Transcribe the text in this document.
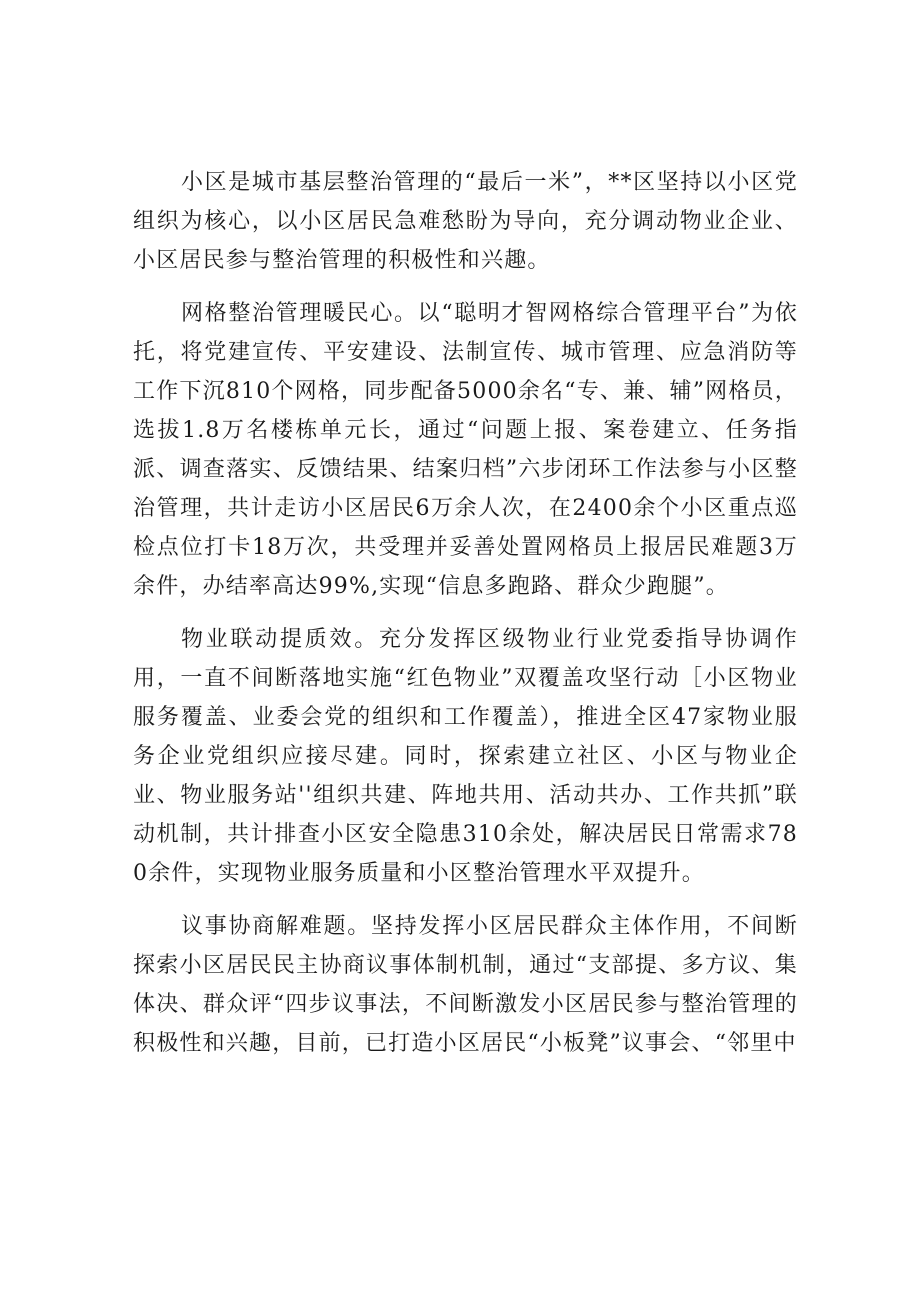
小区是城市基层整治管理的“最后一米”，**区坚持以小区党组织为核心，以小区居民急难愁盼为导向，充分调动物业企业、小区居民参与整治管理的积极性和兴趣。

网格整治管理暖民心。以“聪明才智网格综合管理平台”为依托，将党建宣传、平安建设、法制宣传、城市管理、应急消防等工作下沉810个网格，同步配备5000余名“专、兼、辅”网格员，选拔1.8万名楼栋单元长，通过“问题上报、案卷建立、任务指派、调查落实、反馈结果、结案归档”六步闭环工作法参与小区整治管理，共计走访小区居民6万余人次，在2400余个小区重点巡检点位打卡18万次，共受理并妥善处置网格员上报居民难题3万余件，办结率高达99%,实现“信息多跑路、群众少跑腿”。

物业联动提质效。充分发挥区级物业行业党委指导协调作用，一直不间断落地实施“红色物业”双覆盖攻坚行动［小区物业服务覆盖、业委会党的组织和工作覆盖），推进全区47家物业服务企业党组织应接尽建。同时，探索建立社区、小区与物业企业、物业服务站''组织共建、阵地共用、活动共办、工作共抓”联动机制，共计排查小区安全隐患310余处，解决居民日常需求780余件，实现物业服务质量和小区整治管理水平双提升。

议事协商解难题。坚持发挥小区居民群众主体作用，不间断探索小区居民民主协商议事体制机制，通过“支部提、多方议、集体决、群众评“四步议事法，不间断激发小区居民参与整治管理的积极性和兴趣，目前，已打造小区居民“小板凳”议事会、“邻里中
